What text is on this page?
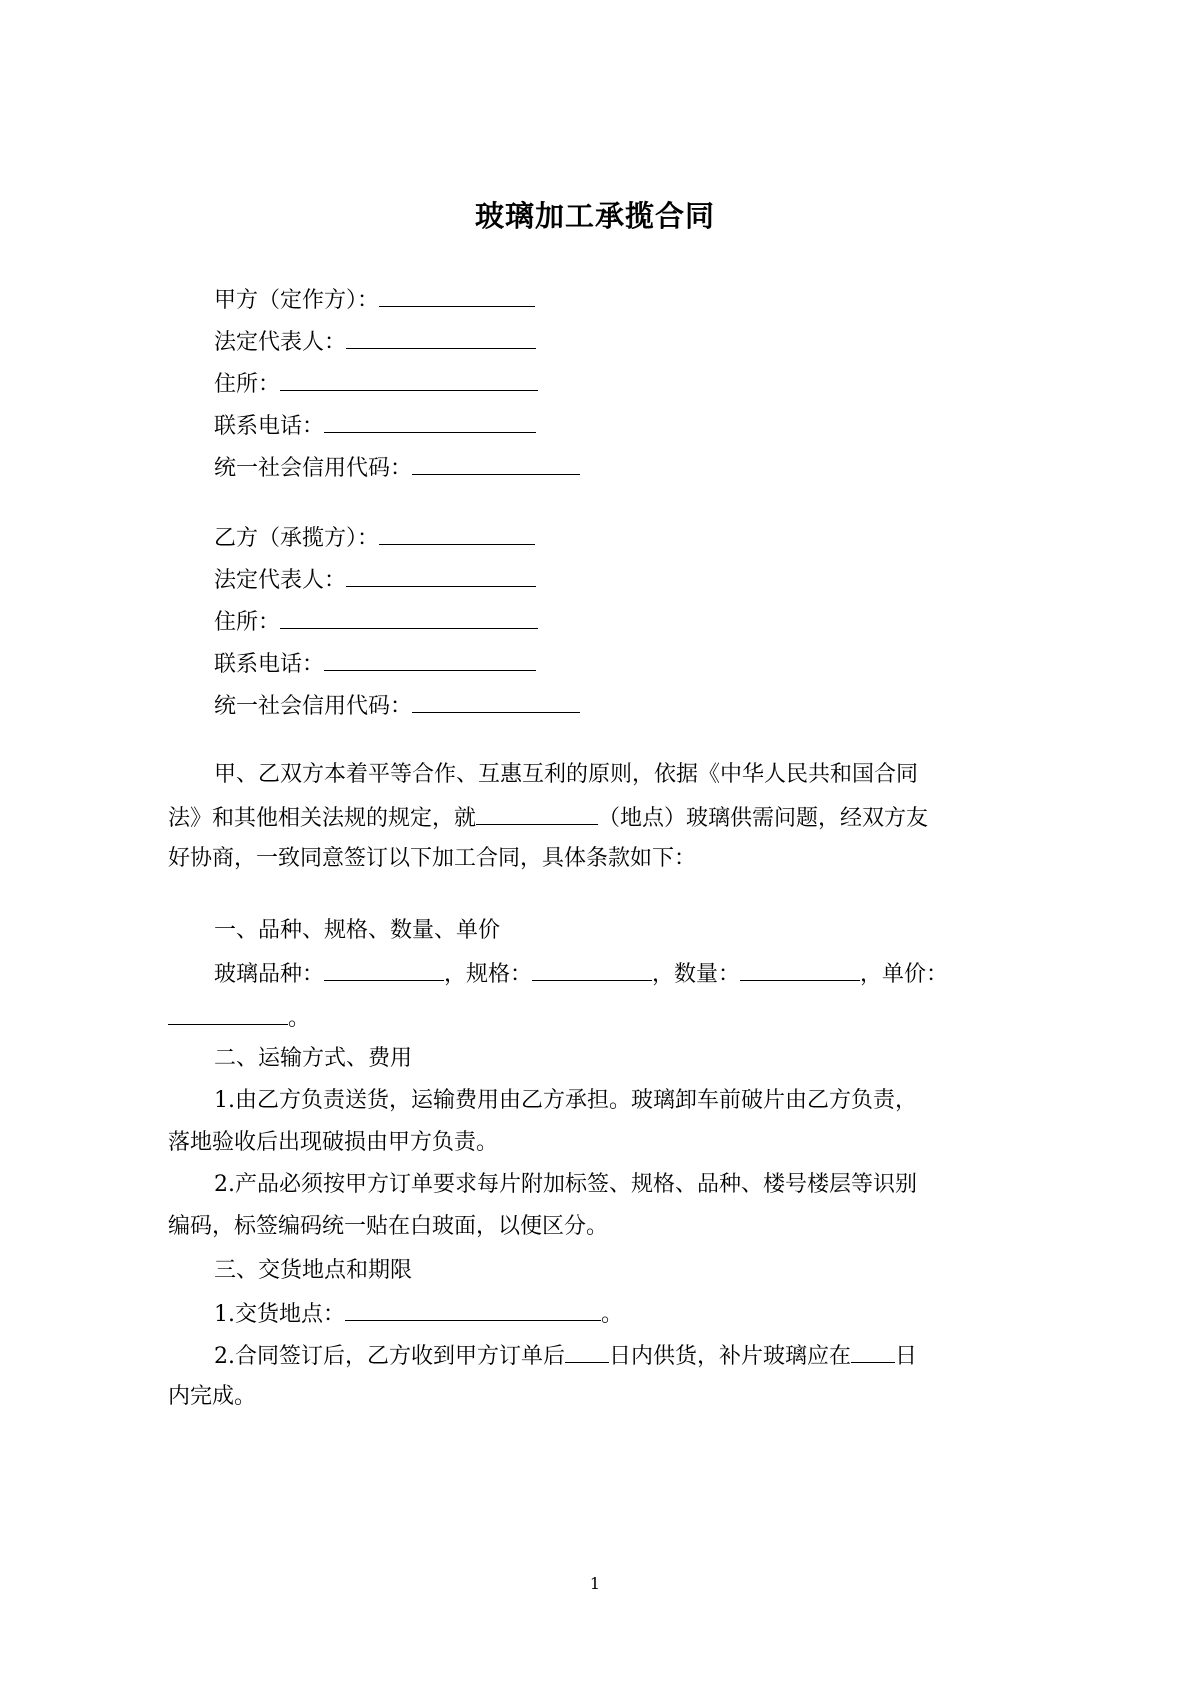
玻璃加工承揽合同
甲方（定作方）：
法定代表人：
住所：
联系电话：
统一社会信用代码：
乙方（承揽方）：
法定代表人：
住所：
联系电话：
统一社会信用代码：
甲、乙双方本着平等合作、互惠互利的原则，依据《中华人民共和国合同
法》和其他相关法规的规定，就	（地点）玻璃供需问题，经双方友
好协商，一致同意签订以下加工合同，具体条款如下：
一、品种、规格、数量、单价
玻璃品种：	，规格：	，数量：	，单价：
。
二、运输方式、费用
1.由乙方负责送货，运输费用由乙方承担。玻璃卸车前破片由乙方负责，
落地验收后出现破损由甲方负责。
2.产品必须按甲方订单要求每片附加标签、规格、品种、楼号楼层等识别
编码，标签编码统一贴在白玻面，以便区分。
三、交货地点和期限
1.交货地点：	。
2.合同签订后，乙方收到甲方订单后 日内供货，补片玻璃应在 日
内完成。
1
